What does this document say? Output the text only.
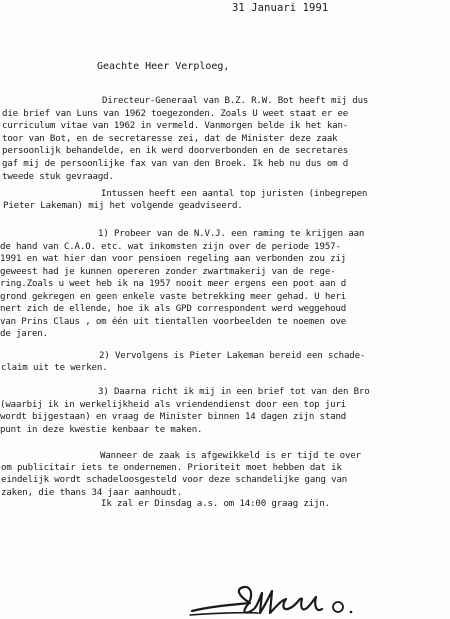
31 Januari 1991
Geachte Heer Verploeg,
Directeur-Generaal van B.Z. R.W. Bot heeft mij dus
die brief van Luns van 1962 toegezonden. Zoals U weet staat er ee
curriculum vitae van 1962 in vermeld. Vanmorgen belde ik het kan-
toor van Bot, en de secretaresse zei, dat de Minister deze zaak
persoonlijk behandelde, en ik werd doorverbonden en de secretares
gaf mij de persoonlijke fax van van den Broek. Ik heb nu dus om d
tweede stuk gevraagd.
Intussen heeft een aantal top juristen (inbegrepen
Pieter Lakeman) mij het volgende geadviseerd.
1) Probeer van de N.V.J. een raming te krijgen aan
de hand van C.A.O. etc. wat inkomsten zijn over de periode 1957-
1991 en wat hier dan voor pensioen regeling aan verbonden zou zij
geweest had je kunnen opereren zonder zwartmakerij van de rege-
ring.Zoals u weet heb ik na 1957 nooit meer ergens een poot aan d
grond gekregen en geen enkele vaste betrekking meer gehad. U heri
nert zich de ellende, hoe ik als GPD correspondent werd weggehoud
van Prins Claus , om één uit tientallen voorbeelden te noemen ove
de jaren.
2) Vervolgens is Pieter Lakeman bereid een schade-
claim uit te werken.
3) Daarna richt ik mij in een brief tot van den Bro
(waarbij ik in werkelijkheid als vriendendienst door een top juri
wordt bijgestaan) en vraag de Minister binnen 14 dagen zijn stand
punt in deze kwestie kenbaar te maken.
Wanneer de zaak is afgewikkeld is er tijd te over
om publicitair iets te ondernemen. Prioriteit moet hebben dat ik
eindelijk wordt schadeloosgesteld voor deze schandelijke gang van
zaken, die thans 34 jaar aanhoudt.
Ik zal er Dinsdag a.s. om 14:00 graag zijn.
